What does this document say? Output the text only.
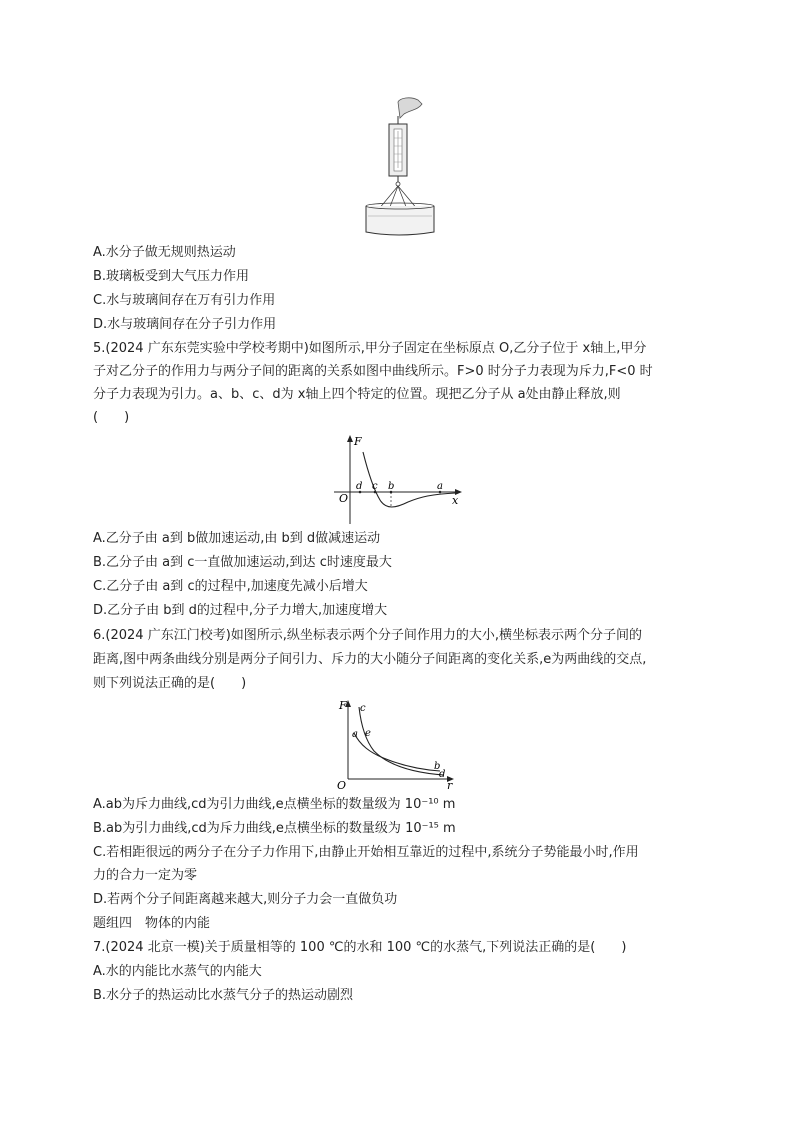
A.水分子做无规则热运动
B.玻璃板受到大气压力作用
C.水与玻璃间存在万有引力作用
D.水与玻璃间存在分子引力作用
5.(2024 广东东莞实验中学校考期中)如图所示,甲分子固定在坐标原点 O,乙分子位于 x轴上,甲分
子对乙分子的作用力与两分子间的距离的关系如图中曲线所示。F>0 时分子力表现为斥力,F<0 时
分子力表现为引力。a、b、c、d为 x轴上四个特定的位置。现把乙分子从 a处由静止释放,则
(　　)
F
O	x
d c b	a
A.乙分子由 a到 b做加速运动,由 b到 d做减速运动
B.乙分子由 a到 c一直做加速运动,到达 c时速度最大
C.乙分子由 a到 c的过程中,加速度先减小后增大
D.乙分子由 b到 d的过程中,分子力增大,加速度增大
6.(2024 广东江门校考)如图所示,纵坐标表示两个分子间作用力的大小,横坐标表示两个分子间的
距离,图中两条曲线分别是两分子间引力、斥力的大小随分子间距离的变化关系,e为两曲线的交点,
则下列说法正确的是(　　)
F
O	r
c
a e
b
d
A.ab为斥力曲线,cd为引力曲线,e点横坐标的数量级为 10⁻¹⁰ m
B.ab为引力曲线,cd为斥力曲线,e点横坐标的数量级为 10⁻¹⁵ m
C.若相距很远的两分子在分子力作用下,由静止开始相互靠近的过程中,系统分子势能最小时,作用
力的合力一定为零
D.若两个分子间距离越来越大,则分子力会一直做负功
题组四　物体的内能
7.(2024 北京一模)关于质量相等的 100 ℃的水和 100 ℃的水蒸气,下列说法正确的是(　　)
A.水的内能比水蒸气的内能大
B.水分子的热运动比水蒸气分子的热运动剧烈
